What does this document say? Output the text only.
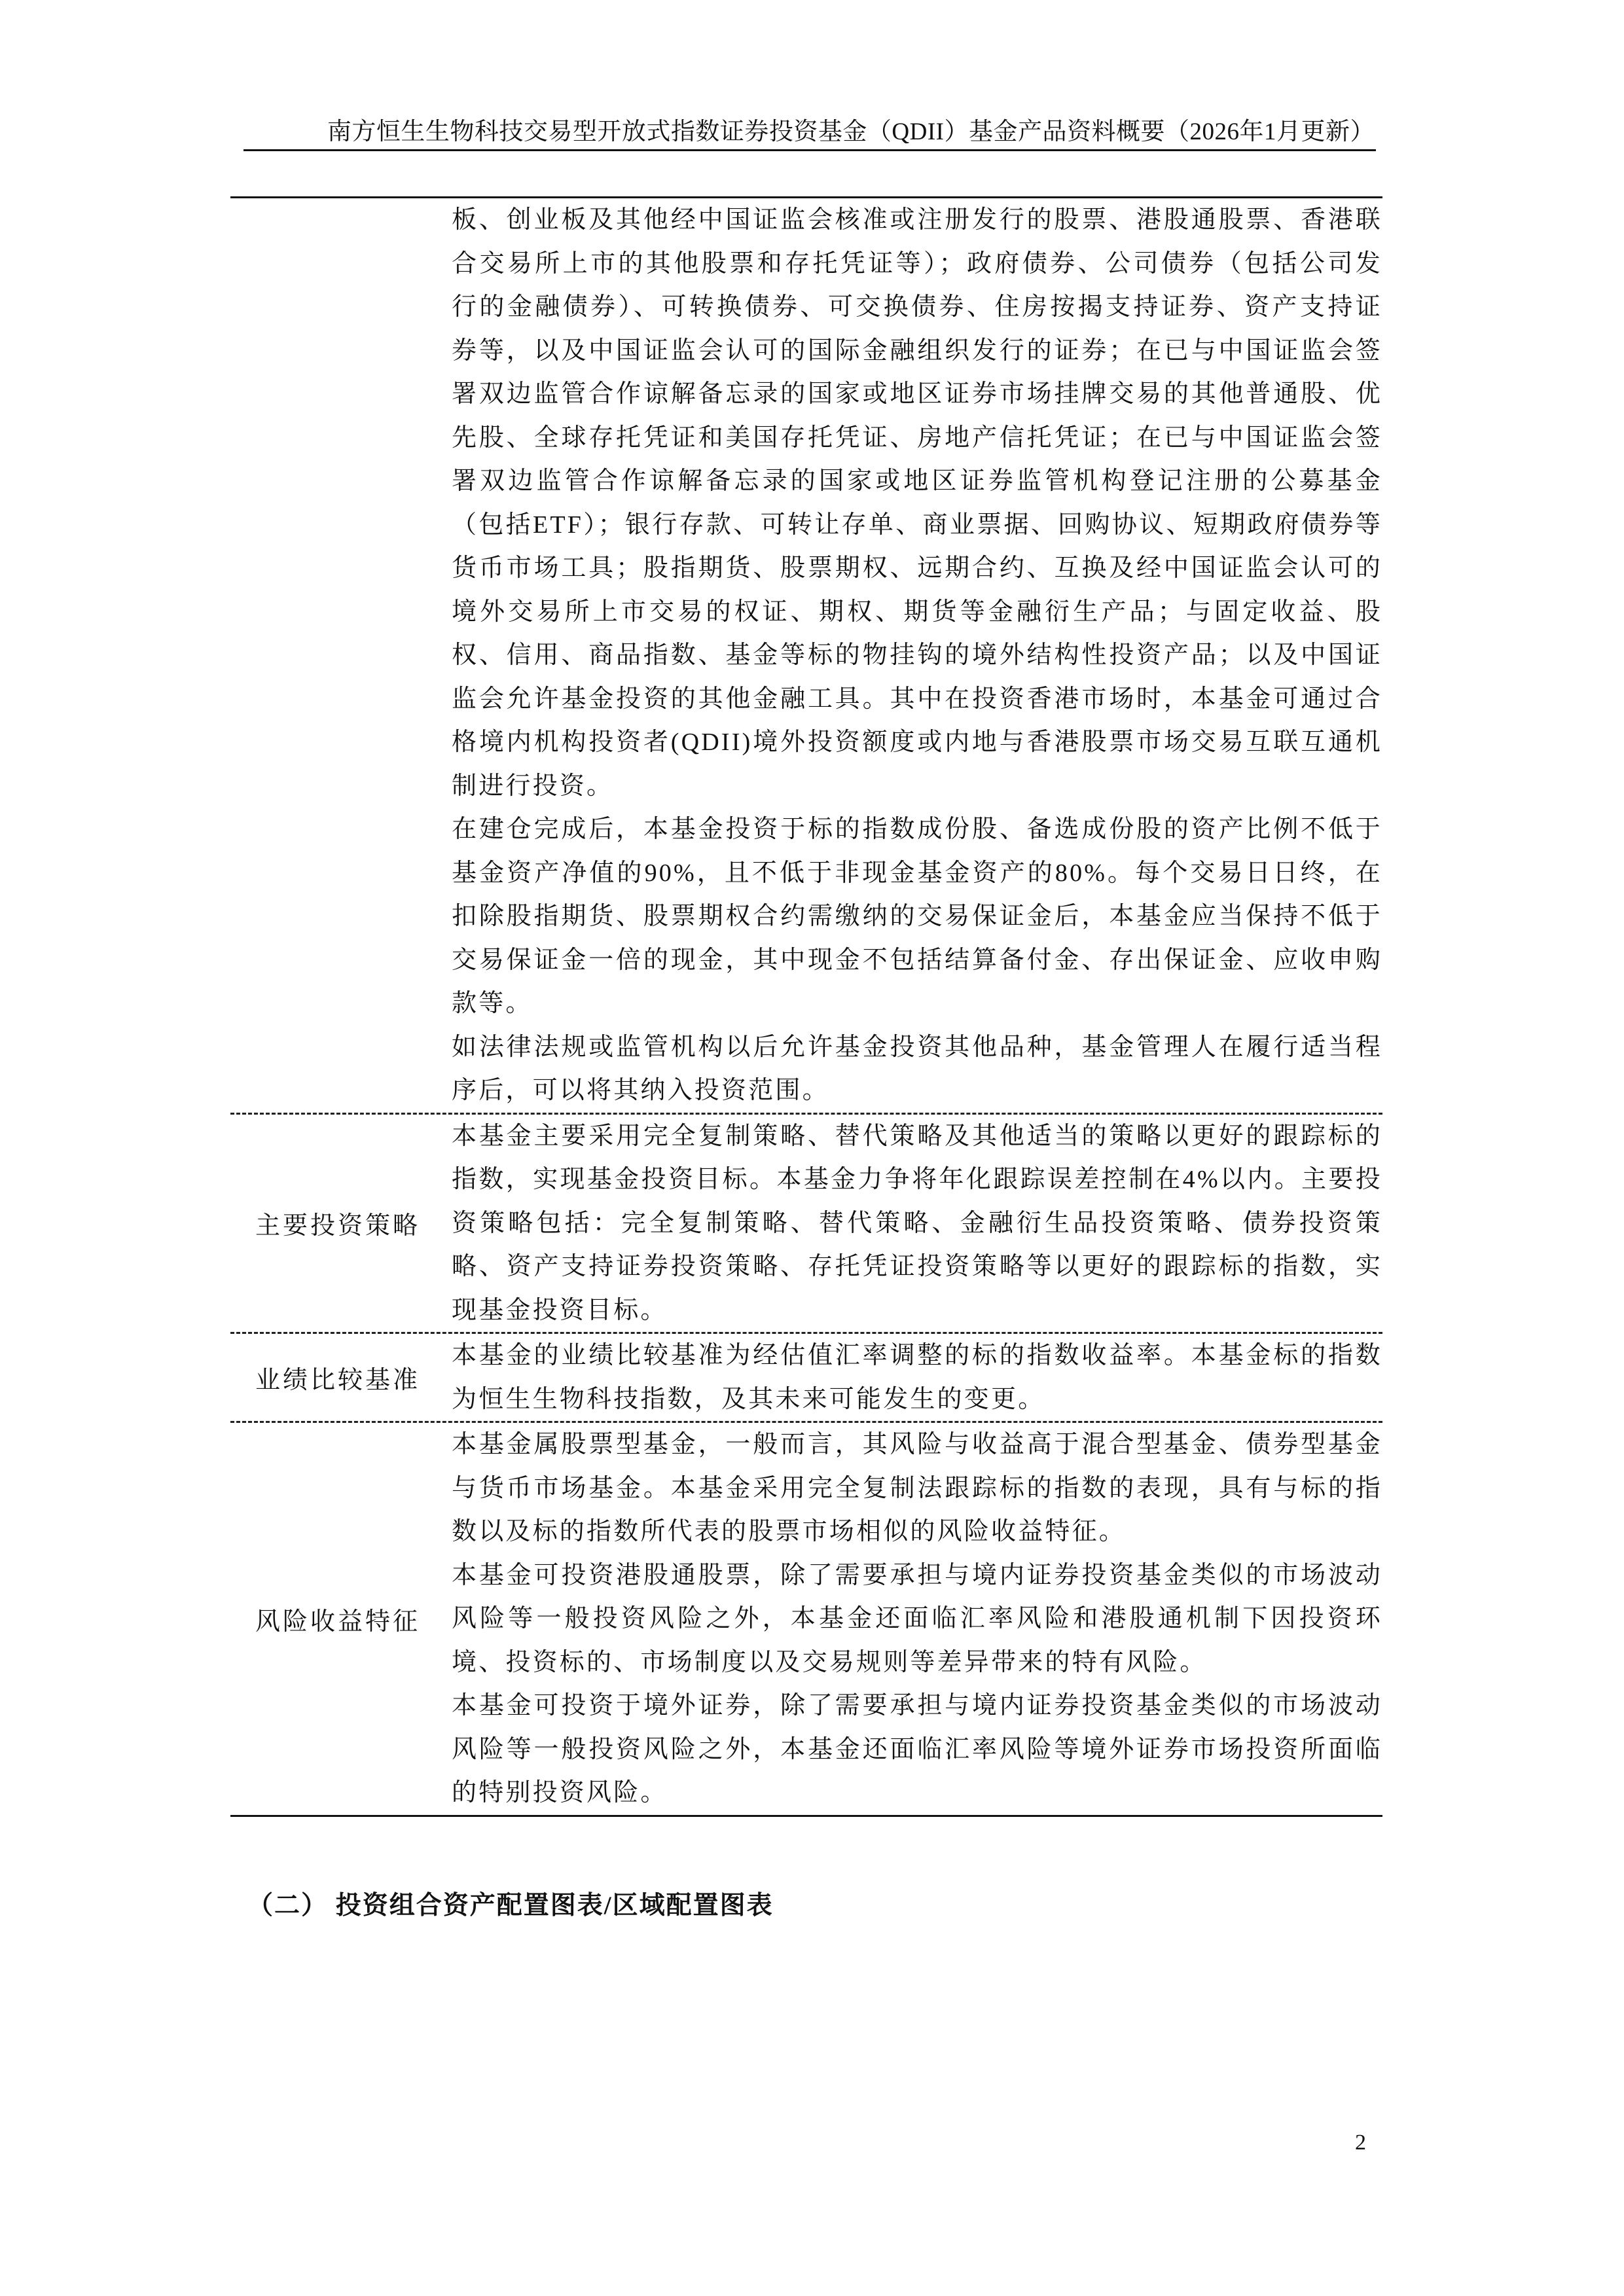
南方恒生生物科技交易型开放式指数证券投资基金（QDII）基金产品资料概要（2026年1月更新）

板、创业板及其他经中国证监会核准或注册发行的股票、港股通股票、香港联合交易所上市的其他股票和存托凭证等）；政府债券、公司债券（包括公司发行的金融债券）、可转换债券、可交换债券、住房按揭支持证券、资产支持证券等，以及中国证监会认可的国际金融组织发行的证券；在已与中国证监会签署双边监管合作谅解备忘录的国家或地区证券市场挂牌交易的其他普通股、优先股、全球存托凭证和美国存托凭证、房地产信托凭证；在已与中国证监会签署双边监管合作谅解备忘录的国家或地区证券监管机构登记注册的公募基金（包括ETF）；银行存款、可转让存单、商业票据、回购协议、短期政府债券等货币市场工具；股指期货、股票期权、远期合约、互换及经中国证监会认可的境外交易所上市交易的权证、期权、期货等金融衍生产品；与固定收益、股权、信用、商品指数、基金等标的物挂钩的境外结构性投资产品；以及中国证监会允许基金投资的其他金融工具。其中在投资香港市场时，本基金可通过合格境内机构投资者(QDII)境外投资额度或内地与香港股票市场交易互联互通机制进行投资。

在建仓完成后，本基金投资于标的指数成份股、备选成份股的资产比例不低于基金资产净值的90%，且不低于非现金基金资产的80%。每个交易日日终，在扣除股指期货、股票期权合约需缴纳的交易保证金后，本基金应当保持不低于交易保证金一倍的现金，其中现金不包括结算备付金、存出保证金、应收申购款等。

如法律法规或监管机构以后允许基金投资其他品种，基金管理人在履行适当程序后，可以将其纳入投资范围。

主要投资策略

本基金主要采用完全复制策略、替代策略及其他适当的策略以更好的跟踪标的指数，实现基金投资目标。本基金力争将年化跟踪误差控制在4%以内。主要投资策略包括：完全复制策略、替代策略、金融衍生品投资策略、债券投资策略、资产支持证券投资策略、存托凭证投资策略等以更好的跟踪标的指数，实现基金投资目标。

业绩比较基准

本基金的业绩比较基准为经估值汇率调整的标的指数收益率。本基金标的指数为恒生生物科技指数，及其未来可能发生的变更。

风险收益特征

本基金属股票型基金，一般而言，其风险与收益高于混合型基金、债券型基金与货币市场基金。本基金采用完全复制法跟踪标的指数的表现，具有与标的指数以及标的指数所代表的股票市场相似的风险收益特征。

本基金可投资港股通股票，除了需要承担与境内证券投资基金类似的市场波动风险等一般投资风险之外，本基金还面临汇率风险和港股通机制下因投资环境、投资标的、市场制度以及交易规则等差异带来的特有风险。

本基金可投资于境外证券，除了需要承担与境内证券投资基金类似的市场波动风险等一般投资风险之外，本基金还面临汇率风险等境外证券市场投资所面临的特别投资风险。

（二） 投资组合资产配置图表/区域配置图表
2
